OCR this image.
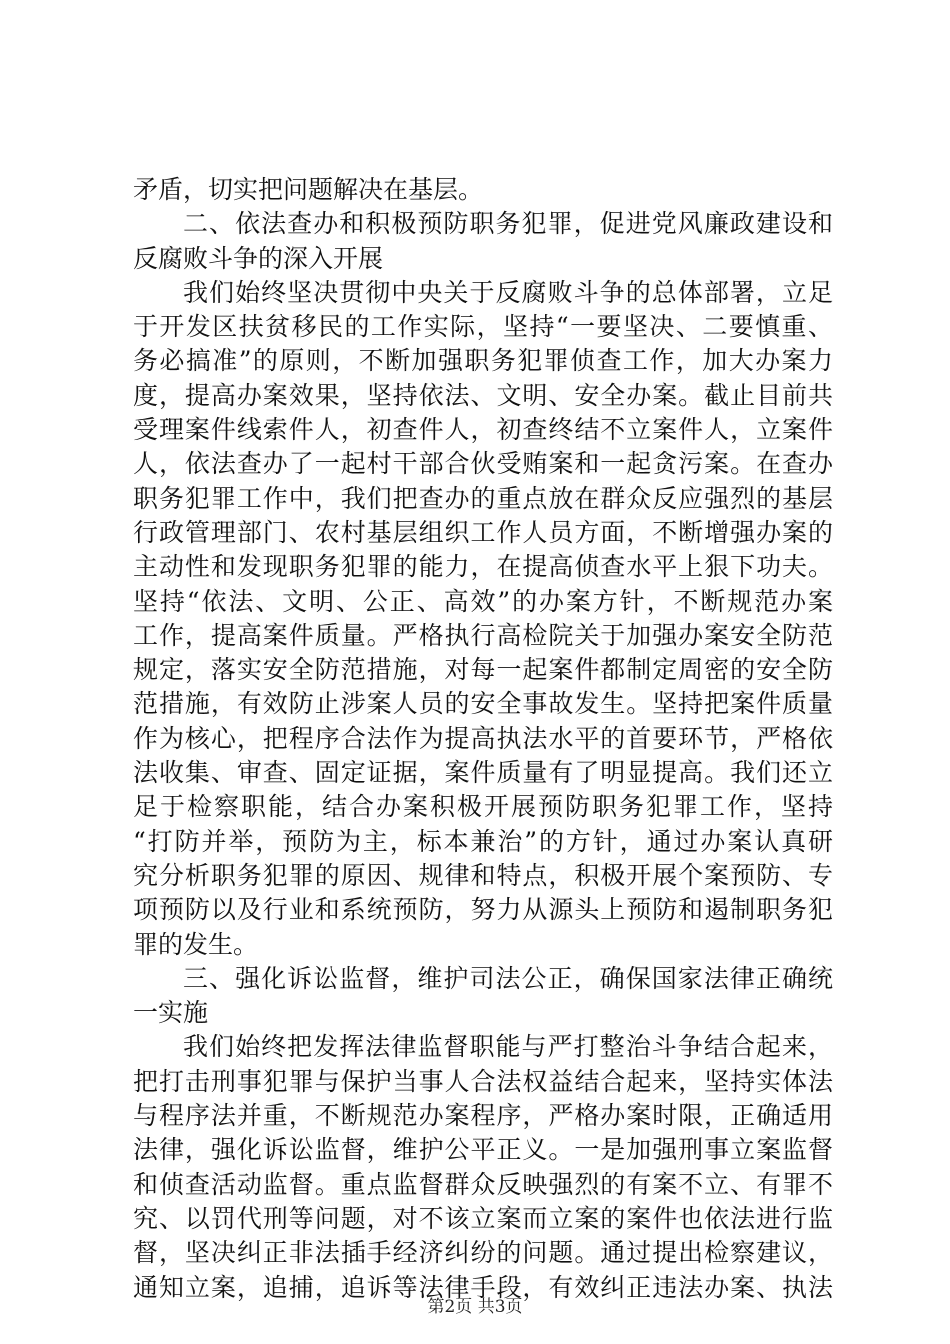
矛盾，切实把问题解决在基层。
二、依法查办和积极预防职务犯罪，促进党风廉政建设和
反腐败斗争的深入开展
我们始终坚决贯彻中央关于反腐败斗争的总体部署，立足
于开发区扶贫移民的工作实际，坚持“一要坚决、二要慎重、
务必搞准”的原则，不断加强职务犯罪侦查工作，加大办案力
度，提高办案效果，坚持依法、文明、安全办案。截止目前共
受理案件线索件人，初查件人，初查终结不立案件人，立案件
人，依法查办了一起村干部合伙受贿案和一起贪污案。在查办
职务犯罪工作中，我们把查办的重点放在群众反应强烈的基层
行政管理部门、农村基层组织工作人员方面，不断增强办案的
主动性和发现职务犯罪的能力，在提高侦查水平上狠下功夫。
坚持“依法、文明、公正、高效”的办案方针，不断规范办案
工作，提高案件质量。严格执行高检院关于加强办案安全防范
规定，落实安全防范措施，对每一起案件都制定周密的安全防
范措施，有效防止涉案人员的安全事故发生。坚持把案件质量
作为核心，把程序合法作为提高执法水平的首要环节，严格依
法收集、审查、固定证据，案件质量有了明显提高。我们还立
足于检察职能，结合办案积极开展预防职务犯罪工作，坚持
“打防并举，预防为主，标本兼治”的方针，通过办案认真研
究分析职务犯罪的原因、规律和特点，积极开展个案预防、专
项预防以及行业和系统预防，努力从源头上预防和遏制职务犯
罪的发生。
三、强化诉讼监督，维护司法公正，确保国家法律正确统
一实施
我们始终把发挥法律监督职能与严打整治斗争结合起来，
把打击刑事犯罪与保护当事人合法权益结合起来，坚持实体法
与程序法并重，不断规范办案程序，严格办案时限，正确适用
法律，强化诉讼监督，维护公平正义。一是加强刑事立案监督
和侦查活动监督。重点监督群众反映强烈的有案不立、有罪不
究、以罚代刑等问题，对不该立案而立案的案件也依法进行监
督，坚决纠正非法插手经济纠纷的问题。通过提出检察建议，
通知立案，追捕，追诉等法律手段，有效纠正违法办案、执法
第2页 共3页
